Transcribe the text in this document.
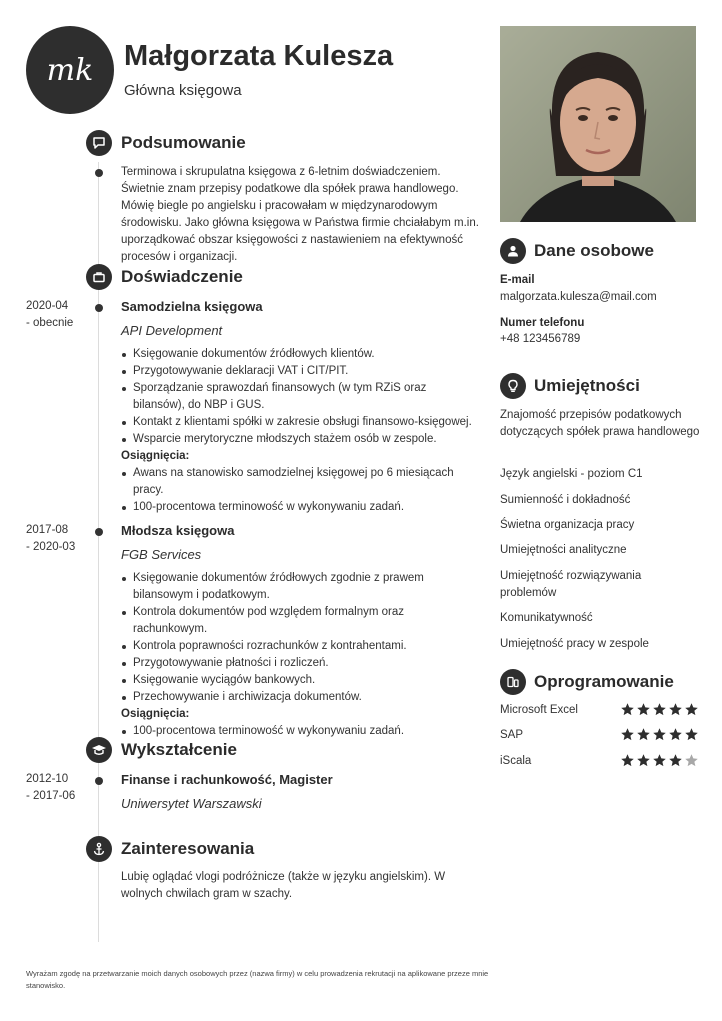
mk Małgorzata Kulesza
Główna księgowa
Podsumowanie
Terminowa i skrupulatna księgowa z 6-letnim doświadczeniem. Świetnie znam przepisy podatkowe dla spółek prawa handlowego. Mówię biegle po angielsku i pracowałam w międzynarodowym środowisku. Jako główna księgowa w Państwa firmie chciałabym m.in. uporządkować obszar księgowości z nastawieniem na efektywność procesów i organizacji.
Doświadczenie
2020-04
- obecnie
Samodzielna księgowa
API Development
Księgowanie dokumentów źródłowych klientów.
Przygotowywanie deklaracji VAT i CIT/PIT.
Sporządzanie sprawozdań finansowych (w tym RZiS oraz bilansów), do NBP i GUS.
Kontakt z klientami spółki w zakresie obsługi finansowo-księgowej.
Wsparcie merytoryczne młodszych stażem osób w zespole.
Osiągnięcia:
Awans na stanowisko samodzielnej księgowej po 6 miesiącach pracy.
100-procentowa terminowość w wykonywaniu zadań.
2017-08
- 2020-03
Młodsza księgowa
FGB Services
Księgowanie dokumentów źródłowych zgodnie z prawem bilansowym i podatkowym.
Kontrola dokumentów pod względem formalnym oraz rachunkowym.
Kontrola poprawności rozrachunków z kontrahentami.
Przygotowywanie płatności i rozliczeń.
Księgowanie wyciągów bankowych.
Przechowywanie i archiwizacja dokumentów.
Osiągnięcia:
100-procentowa terminowość w wykonywaniu zadań.
Wykształcenie
2012-10
- 2017-06
Finanse i rachunkowość, Magister
Uniwersytet Warszawski
Zainteresowania
Lubię oglądać vlogi podróżnicze (także w języku angielskim). W wolnych chwilach gram w szachy.
Dane osobowe
E-mail
malgorzata.kulesza@mail.com
Numer telefonu
+48 123456789
Umiejętności
Znajomość przepisów podatkowych dotyczących spółek prawa handlowego
Język angielski - poziom C1
Sumienność i dokładność
Świetna organizacja pracy
Umiejętności analityczne
Umiejętność rozwiązywania problemów
Komunikatywność
Umiejętność pracy w zespole
Oprogramowanie
Microsoft Excel
SAP
iScala
Wyrażam zgodę na przetwarzanie moich danych osobowych przez (nazwa firmy) w celu prowadzenia rekrutacji na aplikowane przeze mnie stanowisko.
